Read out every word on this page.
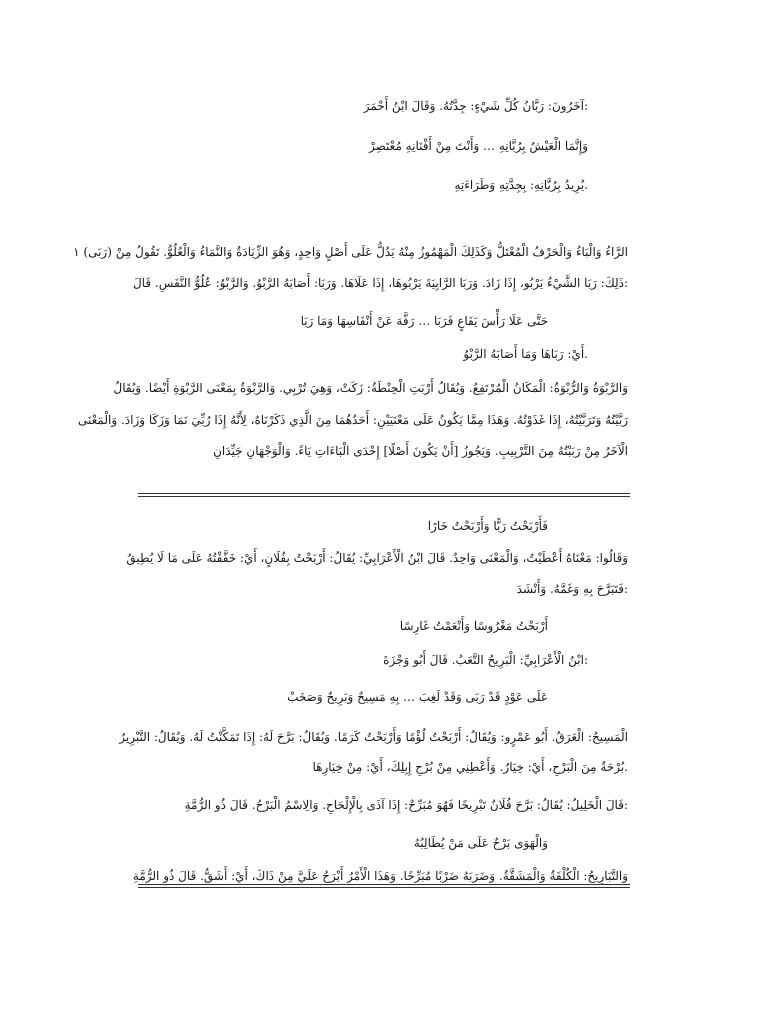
:آخَرُونَ: رَبَّانُ كُلِّ شَيْءٍ: جِدَّتُهُ. وَقَالَ ابْنُ أَحْمَرَ
وَإِنَّمَا الْعَيْشُ بِرُبَّانِهِ … وَأَنْتَ مِنْ أَفْنَانِهِ مُعْتَصِرْ
.يُرِيدُ بِرُبَّانِهِ: بِجِدَّتِهِ وَطَرَاءَتِهِ
الرَّاءُ وَالْبَاءُ وَالْحَرْفُ الْمُعْتَلُّ وَكَذَلِكَ الْمَهْمُوزُ مِنْهُ يَدُلُّ عَلَى أَصْلٍ وَاحِدٍ، وَهُوَ الزِّيَادَةُ وَالنَّمَاءُ وَالْعُلُوُّ. تَقُولُ مِنْ (رَبَى) ١
:ذَلِكَ: رَبَا الشَّيْءُ يَرْبُو، إِذَا زَادَ. وَرَبَا الرَّابِيَةَ يَرْبُوهَا، إِذَا عَلَاهَا. وَرَبَا: أَصَابَهُ الرَّبْوُ. وَالرَّبْوُ: عُلُوُّ النَّفَسِ. قَالَ
حَتَّى عَلَا رَأْسَ يَفَاعٍ فَرَبَا … رَفَّهَ عَنْ أَنْفَاسِهَا وَمَا رَبَا
.أَيْ: رَبَاهَا وَمَا أَصَابَهُ الرَّبْوُ
وَالرَّبْوَةُ وَالرُّبْوَةُ: الْمَكَانُ الْمُرْتَفِعُ. وَيُقَالُ أَرْبَتِ الْحِنْطَةُ: زَكَتْ، وَهِيَ تُرْبِي. وَالرَّبْوَةُ بِمَعْنَى الرَّبْوَةِ أَيْضًا. وَيُقَالُ
رَبَّيْتُهُ وَتَرَبَّيْتُهُ، إِذَا غَذَوْتُهُ. وَهَذَا مِمَّا يَكُونُ عَلَى مَعْنَيَيْنِ: أَحَدُهُمَا مِنَ الَّذِي ذَكَرْنَاهُ، لِأَنَّهُ إِذَا رُبِّيَ نَمَا وَزَكَا وَزَادَ. وَالْمَعْنَى
الْآخَرُ مِنْ رَبَبْتُهُ مِنَ التَّرْبِيبِ. وَيَجُوزُ [أَنْ يَكُونَ أَصْلًا] إِحْدَى الْبَاءَاتِ يَاءً. وَالْوَجْهَانِ جَيِّدَانِ
فَأَرْبَحْتُ رَبًّا وَأَرْبَحْتُ خَارًا
وَقَالُوا: مَعْنَاهُ أَعْطَيْتُ، وَالْمَعْنَى وَاحِدٌ. قَالَ ابْنُ الْأَعْرَابِيِّ: يُقَالُ: أَرْبَحْتُ بِفُلَانٍ، أَيْ: خَفَّفْتُهُ عَلَى مَا لَا يُطِيقُ
:فَتَبَرَّحَ بِهِ وَغَمَّهُ. وَأَنْشَدَ
أَرْبَحْتُ مَغْرُوسًا وَأَنْعَمْتُ غَارِسًا
:ابْنُ الْأَعْرَابِيِّ: الْبَرِيحُ التَّعَبُ. قَالَ أَبُو وَجْزَةَ
عَلَى عَوْدٍ قَدْ رَبَى وَقَدْ لَغِبَ … بِهِ مَسِيحٌ وَبَرِيحٌ وَصَخَبْ
الْمَسِيحُ: الْعَرَقُ. أَبُو عَمْرٍو: وَيُقَالُ: أَرْبَحْتُ لُؤْمًا وَأَرْبَحْتُ كَرَمًا. وَيُقَالُ: بَرَّحَ لَهُ: إِذَا تَمَكَّنْتُ لَهُ. وَيُقَالُ: التَّبْرِيرُ
.بُرْحَةٌ مِنَ الْبَرْحِ، أَيْ: خِيَارٌ. وَأَعْطِنِي مِنْ بُرْحِ إِبِلِكَ، أَيْ: مِنْ خِيَارِهَا
:قَالَ الْخَلِيلُ: يُقَالُ: بَرَّحَ فُلَانٌ تَبْرِيحًا فَهُوَ مُبَرِّحٌ: إِذَا آذَى بِالْإِلْحَاحِ. وَالِاسْمُ الْبَرْحُ. قَالَ ذُو الرُّمَّةِ
وَالْهَوَى بَرْحٌ عَلَى مَنْ يُطَالِبُهُ
وَالتَّبَارِيحُ: الْكُلْفَةُ وَالْمَشَقَّةُ. وَضَرَبَهُ ضَرْبًا مُبَرِّحًا. وَهَذَا الْأَمْرُ أَبْرَحُ عَلَيَّ مِنْ ذَاكَ، أَيْ: أَشَقُّ. قَالَ ذُو الرُّمَّةِ
